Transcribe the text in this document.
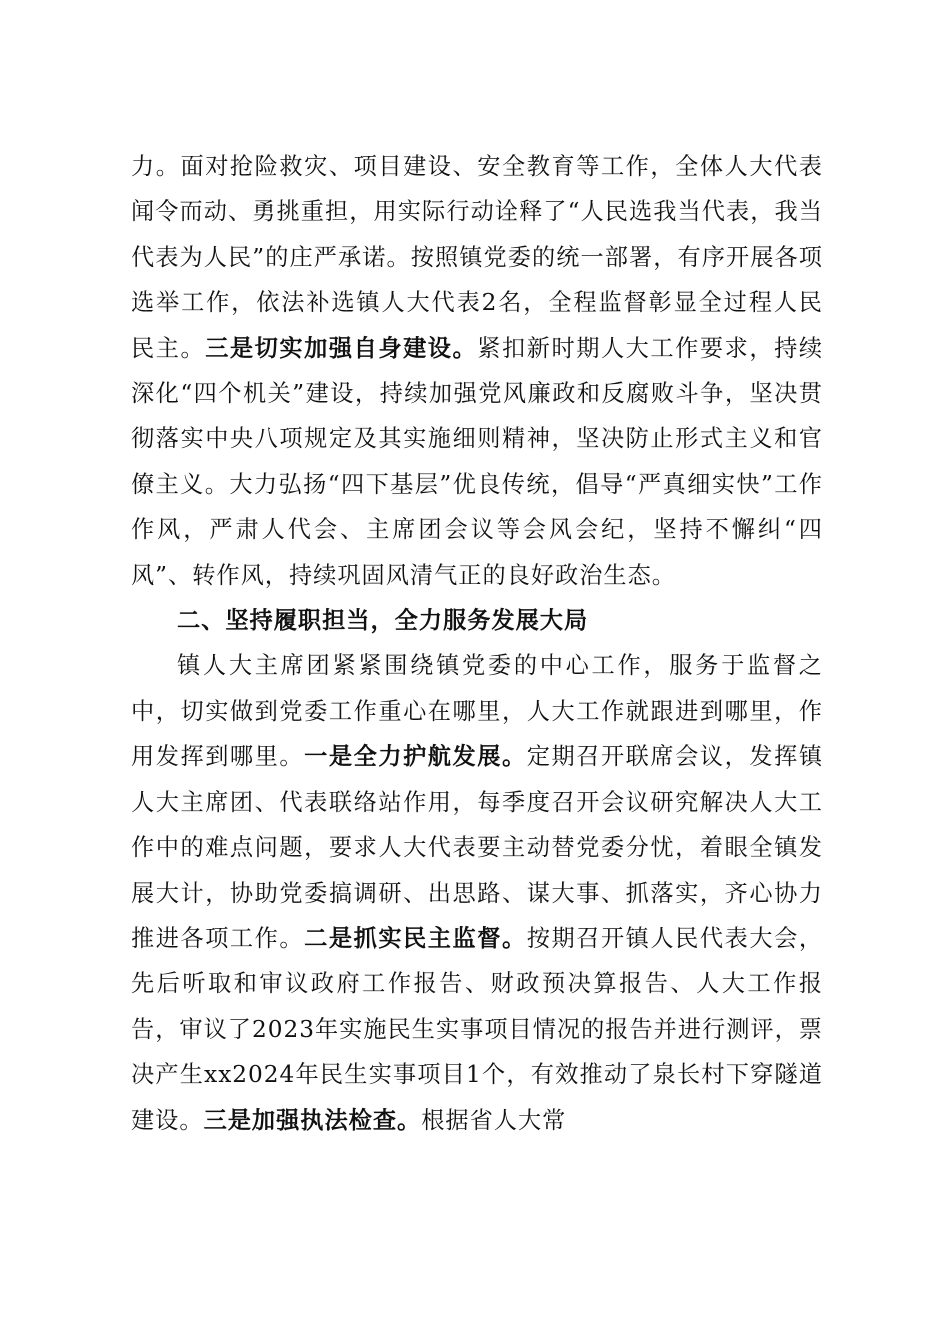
力。面对抢险救灾、项目建设、安全教育等工作，全体人大代表闻令而动、勇挑重担，用实际行动诠释了“人民选我当代表，我当代表为人民”的庄严承诺。按照镇党委的统一部署，有序开展各项选举工作，依法补选镇人大代表2名，全程监督彰显全过程人民民主。三是切实加强自身建设。紧扣新时期人大工作要求，持续深化“四个机关”建设，持续加强党风廉政和反腐败斗争，坚决贯彻落实中央八项规定及其实施细则精神，坚决防止形式主义和官僚主义。大力弘扬“四下基层”优良传统，倡导“严真细实快”工作作风，严肃人代会、主席团会议等会风会纪，坚持不懈纠“四风”、转作风，持续巩固风清气正的良好政治生态。

二、坚持履职担当，全力服务发展大局

镇人大主席团紧紧围绕镇党委的中心工作，服务于监督之中，切实做到党委工作重心在哪里，人大工作就跟进到哪里，作用发挥到哪里。一是全力护航发展。定期召开联席会议，发挥镇人大主席团、代表联络站作用，每季度召开会议研究解决人大工作中的难点问题，要求人大代表要主动替党委分忧，着眼全镇发展大计，协助党委搞调研、出思路、谋大事、抓落实，齐心协力推进各项工作。二是抓实民主监督。按期召开镇人民代表大会，先后听取和审议政府工作报告、财政预决算报告、人大工作报告，审议了2023年实施民生实事项目情况的报告并进行测评，票决产生xx2024年民生实事项目1个，有效推动了泉长村下穿隧道建设。三是加强执法检查。根据省人大常
